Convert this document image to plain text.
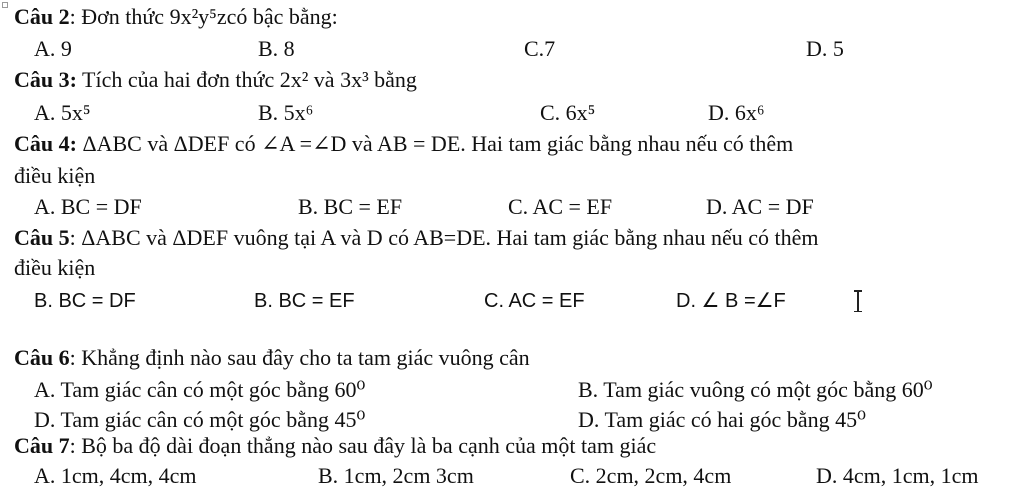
Câu 2: Đơn thức 9x²y⁵zcó bậc bằng:
A. 9	B. 8	C.7	D. 5
Câu 3: Tích của hai đơn thức 2x² và 3x³ bằng
A. 5x⁵	B. 5x⁶	C. 6x⁵	D. 6x⁶
Câu 4: ΔABC và ΔDEF có ∠A =∠D và AB = DE. Hai tam giác bằng nhau nếu có thêm
điều kiện
A. BC = DF	B. BC = EF	C. AC = EF	D. AC = DF
Câu 5: ΔABC và ΔDEF vuông tại A và D có AB=DE. Hai tam giác bằng nhau nếu có thêm
điều kiện
B. BC = DF	B. BC = EF	C. AC = EF	D. ∠ B =∠F
Câu 6: Khẳng định nào sau đây cho ta tam giác vuông cân
A. Tam giác cân có một góc bằng 60⁰	B. Tam giác vuông có một góc bằng 60⁰
D. Tam giác cân có một góc bằng 45⁰	D. Tam giác có hai góc bằng 45⁰
Câu 7: Bộ ba độ dài đoạn thẳng nào sau đây là ba cạnh của một tam giác
A. 1cm, 4cm, 4cm	B. 1cm, 2cm 3cm	C. 2cm, 2cm, 4cm	D. 4cm, 1cm, 1cm
